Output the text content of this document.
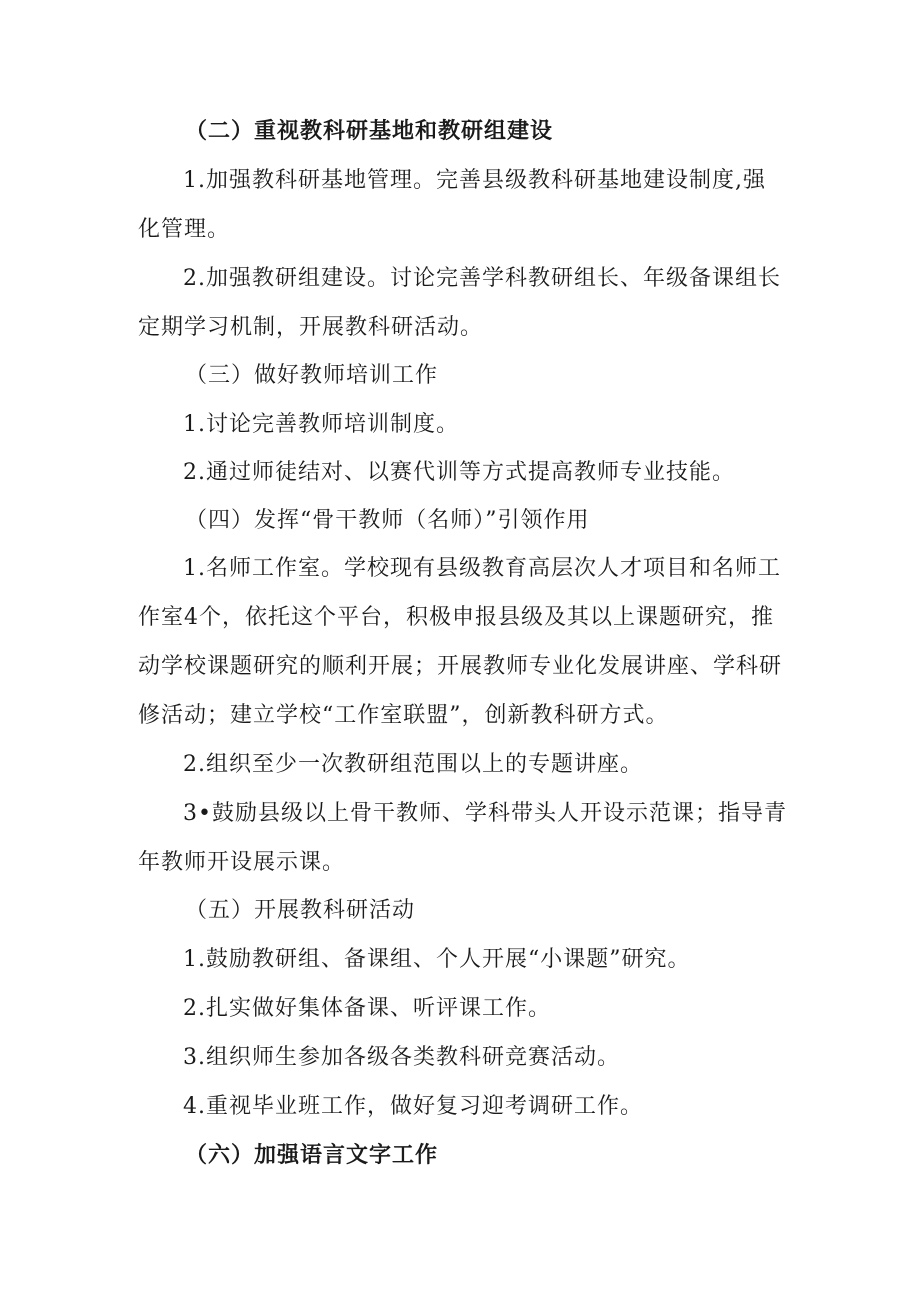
（二）重视教科研基地和教研组建设
1.加强教科研基地管理。完善县级教科研基地建设制度,强
化管理。
2.加强教研组建设。讨论完善学科教研组长、年级备课组长
定期学习机制，开展教科研活动。
（三）做好教师培训工作
1.讨论完善教师培训制度。
2.通过师徒结对、以赛代训等方式提高教师专业技能。
（四）发挥“骨干教师（名师）”引领作用
1.名师工作室。学校现有县级教育高层次人才项目和名师工
作室4个，依托这个平台，积极申报县级及其以上课题研究，推
动学校课题研究的顺利开展；开展教师专业化发展讲座、学科研
修活动；建立学校“工作室联盟”，创新教科研方式。
2.组织至少一次教研组范围以上的专题讲座。
3•鼓励县级以上骨干教师、学科带头人开设示范课；指导青
年教师开设展示课。
（五）开展教科研活动
1.鼓励教研组、备课组、个人开展“小课题”研究。
2.扎实做好集体备课、听评课工作。
3.组织师生参加各级各类教科研竞赛活动。
4.重视毕业班工作，做好复习迎考调研工作。
（六）加强语言文字工作
